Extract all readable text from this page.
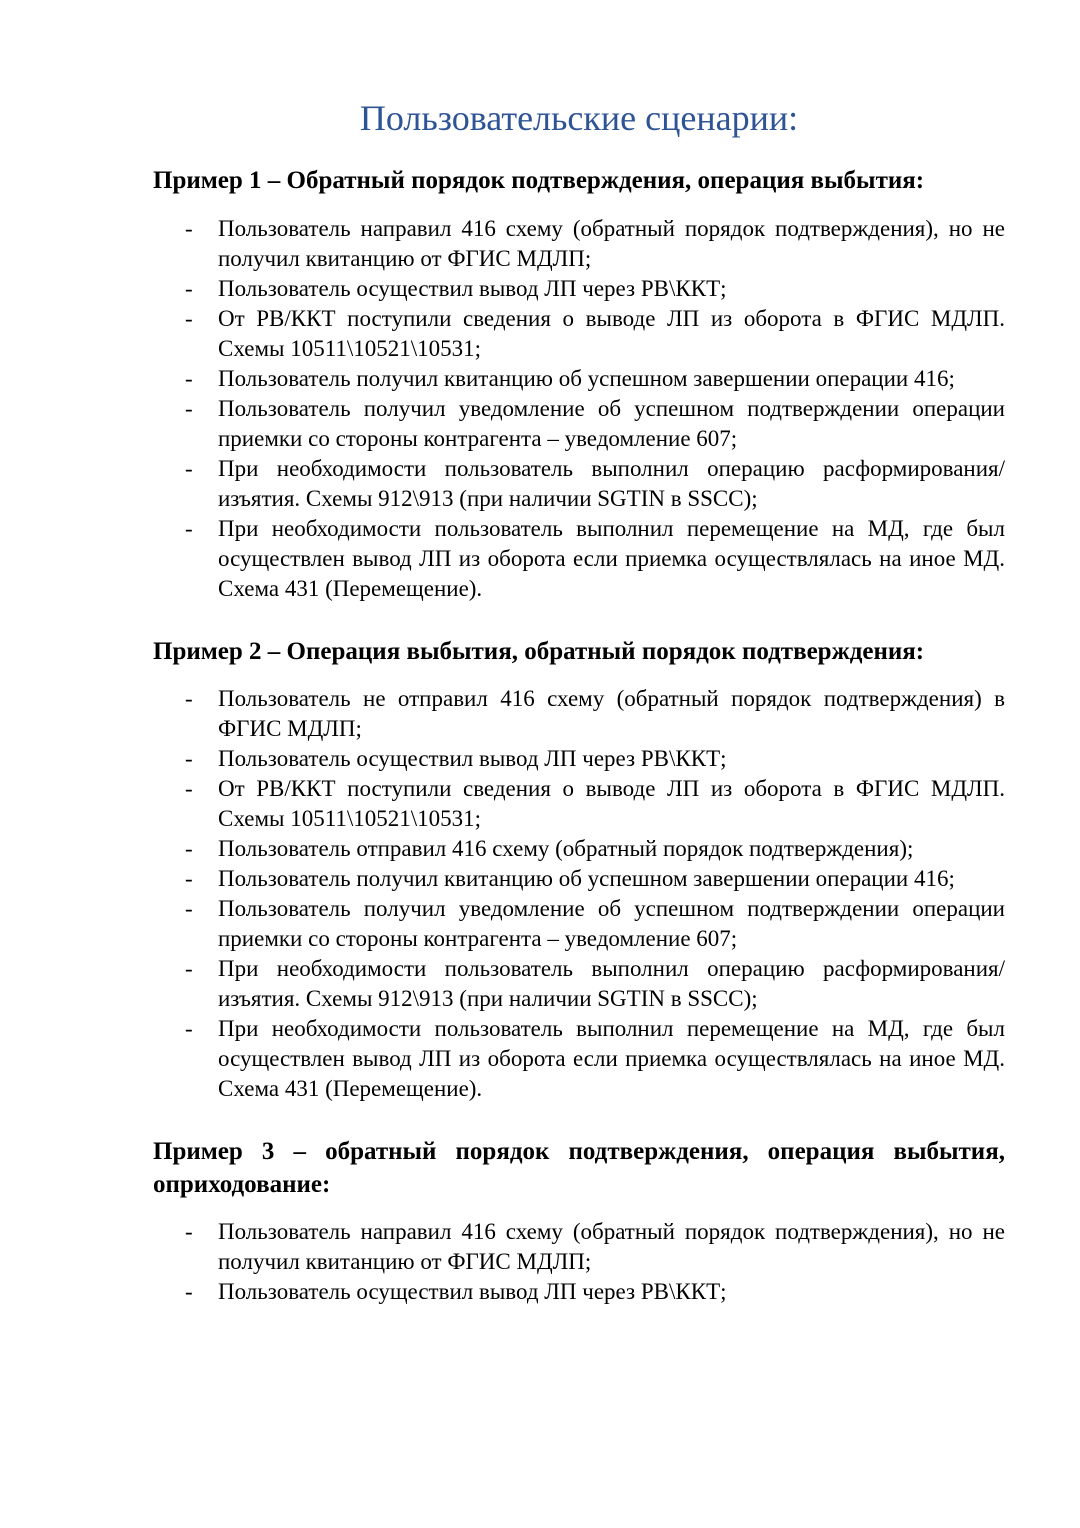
Пользовательские сценарии:
Пример 1 – Обратный порядок подтверждения, операция выбытия:
- Пользователь направил 416 схему (обратный порядок подтверждения), но не получил квитанцию от ФГИС МДЛП;
- Пользователь осуществил вывод ЛП через РВ\ККТ;
- От РВ/ККТ поступили сведения о выводе ЛП из оборота в ФГИС МДЛП. Схемы 10511\10521\10531;
- Пользователь получил квитанцию об успешном завершении операции 416;
- Пользователь получил уведомление об успешном подтверждении операции приемки со стороны контрагента – уведомление 607;
- При необходимости пользователь выполнил операцию расформирования/изъятия. Схемы 912\913 (при наличии SGTIN в SSCC);
- При необходимости пользователь выполнил перемещение на МД, где был осуществлен вывод ЛП из оборота если приемка осуществлялась на иное МД. Схема 431 (Перемещение).
Пример 2 – Операция выбытия, обратный порядок подтверждения:
- Пользователь не отправил 416 схему (обратный порядок подтверждения) в ФГИС МДЛП;
- Пользователь осуществил вывод ЛП через РВ\ККТ;
- От РВ/ККТ поступили сведения о выводе ЛП из оборота в ФГИС МДЛП. Схемы 10511\10521\10531;
- Пользователь отправил 416 схему (обратный порядок подтверждения);
- Пользователь получил квитанцию об успешном завершении операции 416;
- Пользователь получил уведомление об успешном подтверждении операции приемки со стороны контрагента – уведомление 607;
- При необходимости пользователь выполнил операцию расформирования/изъятия. Схемы 912\913 (при наличии SGTIN в SSCC);
- При необходимости пользователь выполнил перемещение на МД, где был осуществлен вывод ЛП из оборота если приемка осуществлялась на иное МД. Схема 431 (Перемещение).
Пример 3 – обратный порядок подтверждения, операция выбытия, оприходование:
- Пользователь направил 416 схему (обратный порядок подтверждения), но не получил квитанцию от ФГИС МДЛП;
- Пользователь осуществил вывод ЛП через РВ\ККТ;
